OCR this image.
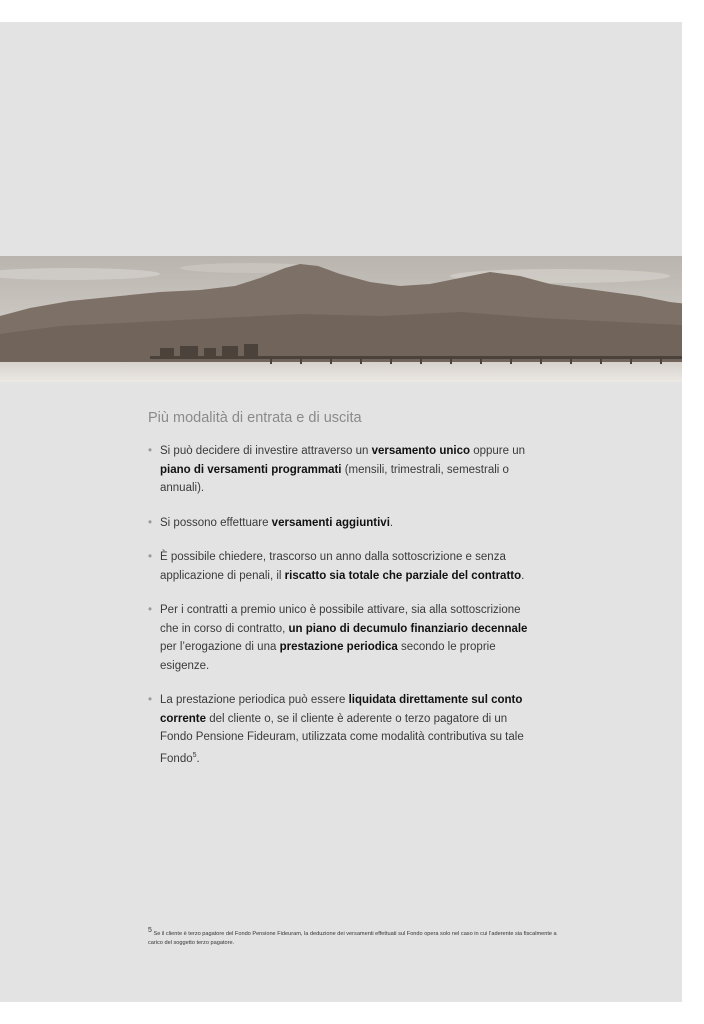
Più modalità di entrata e di uscita
• Si può decidere di investire attraverso un versamento unico oppure un piano di versamenti programmati (mensili, trimestrali, semestrali o annuali).
• Si possono effettuare versamenti aggiuntivi.
• È possibile chiedere, trascorso un anno dalla sottoscrizione e senza applicazione di penali, il riscatto sia totale che parziale del contratto.
• Per i contratti a premio unico è possibile attivare, sia alla sottoscrizione che in corso di contratto, un piano di decumulo finanziario decennale per l’erogazione di una prestazione periodica secondo le proprie esigenze.
• La prestazione periodica può essere liquidata direttamente sul conto corrente del cliente o, se il cliente è aderente o terzo pagatore di un Fondo Pensione Fideuram, utilizzata come modalità contributiva su tale Fondo$^5$.
$^5$ Se il cliente è terzo pagatore del Fondo Pensione Fideuram, la deduzione dei versamenti effettuati sul Fondo opera solo nel caso in cui l’aderente sia fiscalmente a carico del soggetto terzo pagatore.
